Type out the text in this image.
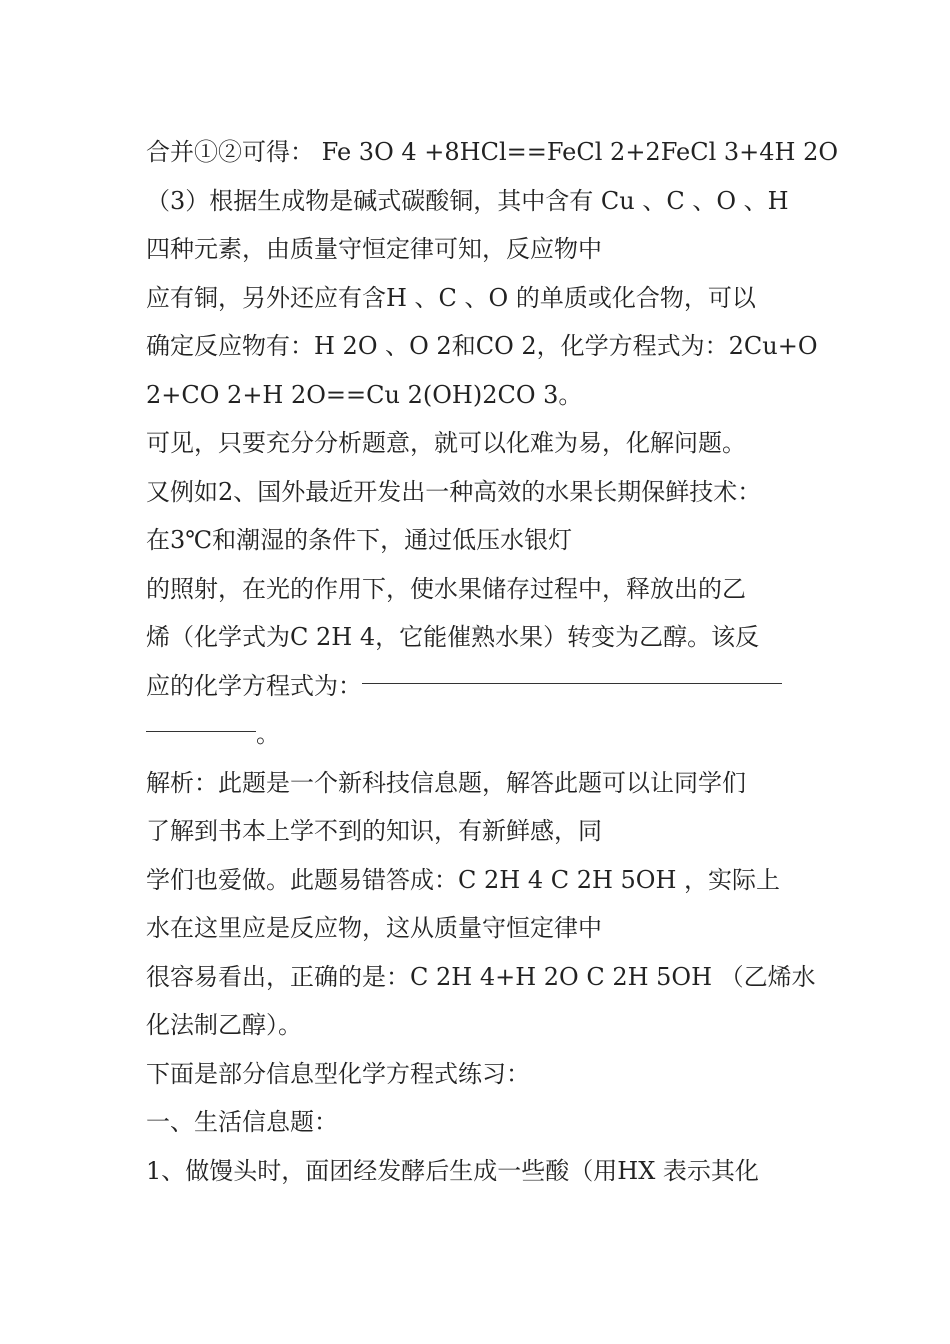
合并①②可得： Fe 3O 4 +8HCl==FeCl 2+2FeCl 3+4H 2O
（3）根据生成物是碱式碳酸铜，其中含有 Cu 、C 、O 、H
四种元素，由质量守恒定律可知，反应物中
应有铜，另外还应有含H 、C 、O 的单质或化合物，可以
确定反应物有：H 2O 、O 2和CO 2，化学方程式为：2Cu+O
2+CO 2+H 2O==Cu 2(OH)2CO 3。
可见，只要充分分析题意，就可以化难为易，化解问题。
又例如2、国外最近开发出一种高效的水果长期保鲜技术：
在3℃和潮湿的条件下，通过低压水银灯
的照射，在光的作用下，使水果储存过程中，释放出的乙
烯（化学式为C 2H 4，它能催熟水果）转变为乙醇。该反
应的化学方程式为：
。
解析：此题是一个新科技信息题，解答此题可以让同学们
了解到书本上学不到的知识，有新鲜感，同
学们也爱做。此题易错答成：C 2H 4 C 2H 5OH ，实际上
水在这里应是反应物，这从质量守恒定律中
很容易看出，正确的是：C 2H 4+H 2O C 2H 5OH （乙烯水
化法制乙醇）。
下面是部分信息型化学方程式练习：
一、生活信息题：
1、做馒头时，面团经发酵后生成一些酸（用HX 表示其化
